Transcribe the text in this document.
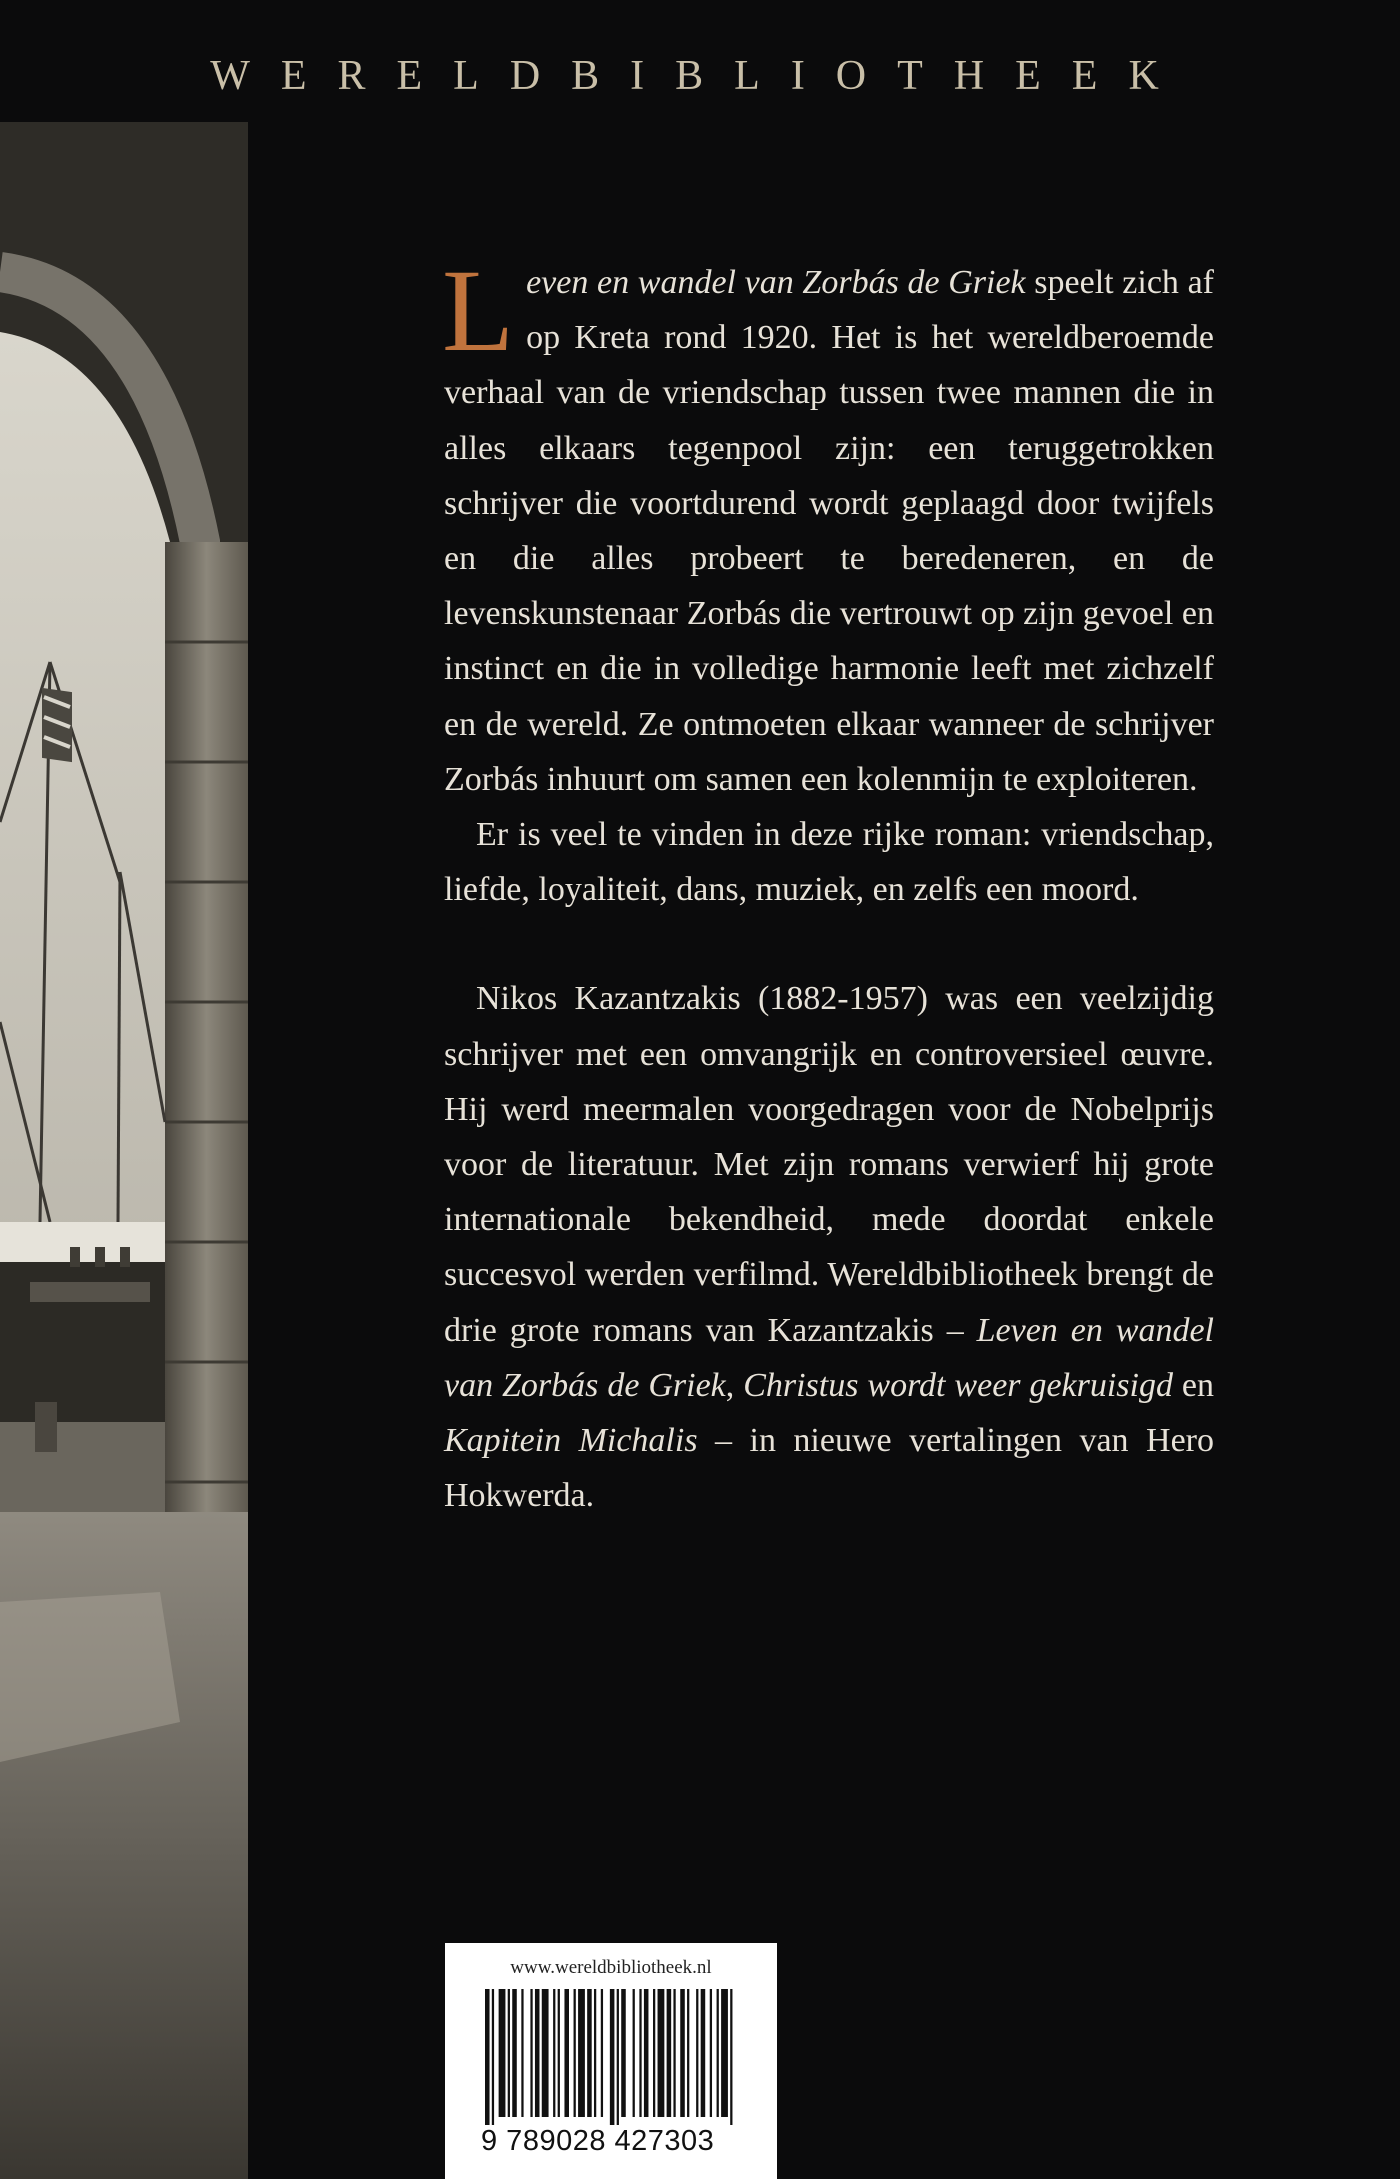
WERELDBIBLIOTHEEK

Leven en wandel van Zorbás de Griek speelt zich af op Kreta rond 1920. Het is het wereldberoemde verhaal van de vriendschap tussen twee mannen die in alles elkaars tegenpool zijn: een teruggetrokken schrijver die voortdurend wordt geplaagd door twijfels en die alles probeert te beredeneren, en de levenskunstenaar Zorbás die vertrouwt op zijn gevoel en instinct en die in volledige harmonie leeft met zichzelf en de wereld. Ze ontmoeten elkaar wanneer de schrijver Zorbás inhuurt om samen een kolenmijn te exploiteren.

Er is veel te vinden in deze rijke roman: vriendschap, liefde, loyaliteit, dans, muziek, en zelfs een moord.

Nikos Kazantzakis (1882-1957) was een veelzijdig schrijver met een omvangrijk en controversieel œuvre. Hij werd meermalen voorgedragen voor de Nobelprijs voor de literatuur. Met zijn romans verwierf hij grote internationale bekendheid, mede doordat enkele succesvol werden verfilmd. Wereldbibliotheek brengt de drie grote romans van Kazantzakis – Leven en wandel van Zorbás de Griek, Christus wordt weer gekruisigd en Kapitein Michalis – in nieuwe vertalingen van Hero Hokwerda.

www.wereldbibliotheek.nl
9 789028 427303
